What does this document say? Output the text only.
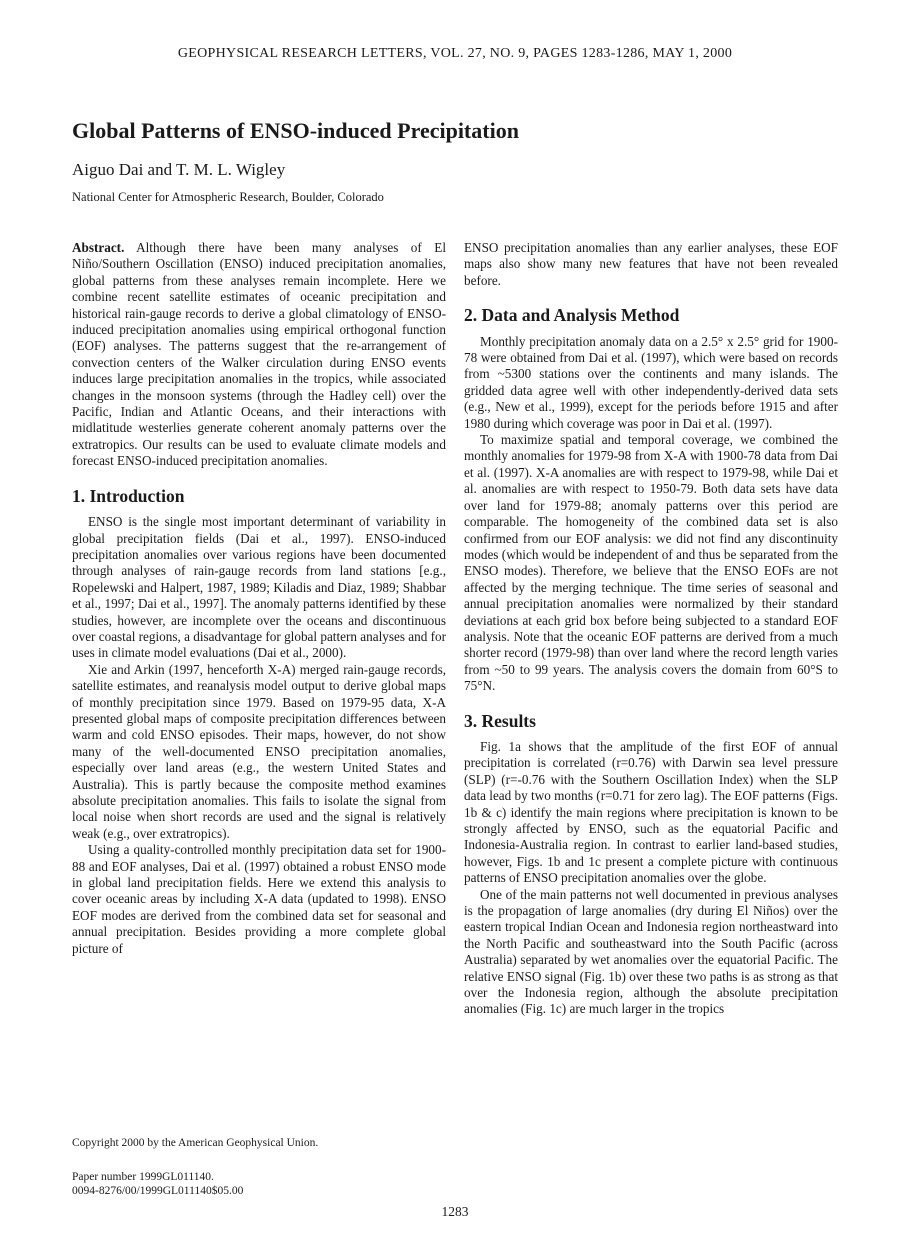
GEOPHYSICAL RESEARCH LETTERS, VOL. 27, NO. 9, PAGES 1283-1286, MAY 1, 2000
Global Patterns of ENSO-induced Precipitation
Aiguo Dai and T. M. L. Wigley
National Center for Atmospheric Research, Boulder, Colorado

Abstract. Although there have been many analyses of El Niño/Southern Oscillation (ENSO) induced precipitation anomalies, global patterns from these analyses remain incomplete. Here we combine recent satellite estimates of oceanic precipitation and historical rain-gauge records to derive a global climatology of ENSO-induced precipitation anomalies using empirical orthogonal function (EOF) analyses. The patterns suggest that the re-arrangement of convection centers of the Walker circulation during ENSO events induces large precipitation anomalies in the tropics, while associated changes in the monsoon systems (through the Hadley cell) over the Pacific, Indian and Atlantic Oceans, and their interactions with midlatitude westerlies generate coherent anomaly patterns over the extratropics. Our results can be used to evaluate climate models and forecast ENSO-induced precipitation anomalies.

1. Introduction

ENSO is the single most important determinant of variability in global precipitation fields (Dai et al., 1997). ENSO-induced precipitation anomalies over various regions have been documented through analyses of rain-gauge records from land stations [e.g., Ropelewski and Halpert, 1987, 1989; Kiladis and Diaz, 1989; Shabbar et al., 1997; Dai et al., 1997]. The anomaly patterns identified by these studies, however, are incomplete over the oceans and discontinuous over coastal regions, a disadvantage for global pattern analyses and for uses in climate model evaluations (Dai et al., 2000).

Xie and Arkin (1997, henceforth X-A) merged rain-gauge records, satellite estimates, and reanalysis model output to derive global maps of monthly precipitation since 1979. Based on 1979-95 data, X-A presented global maps of composite precipitation differences between warm and cold ENSO episodes. Their maps, however, do not show many of the well-documented ENSO precipitation anomalies, especially over land areas (e.g., the western United States and Australia). This is partly because the composite method examines absolute precipitation anomalies. This fails to isolate the signal from local noise when short records are used and the signal is relatively weak (e.g., over extratropics).

Using a quality-controlled monthly precipitation data set for 1900-88 and EOF analyses, Dai et al. (1997) obtained a robust ENSO mode in global land precipitation fields. Here we extend this analysis to cover oceanic areas by including X-A data (updated to 1998). ENSO EOF modes are derived from the combined data set for seasonal and annual precipitation. Besides providing a more complete global picture of

ENSO precipitation anomalies than any earlier analyses, these EOF maps also show many new features that have not been revealed before.

2. Data and Analysis Method

Monthly precipitation anomaly data on a 2.5° x 2.5° grid for 1900-78 were obtained from Dai et al. (1997), which were based on records from ~5300 stations over the continents and many islands. The gridded data agree well with other independently-derived data sets (e.g., New et al., 1999), except for the periods before 1915 and after 1980 during which coverage was poor in Dai et al. (1997).

To maximize spatial and temporal coverage, we combined the monthly anomalies for 1979-98 from X-A with 1900-78 data from Dai et al. (1997). X-A anomalies are with respect to 1979-98, while Dai et al. anomalies are with respect to 1950-79. Both data sets have data over land for 1979-88; anomaly patterns over this period are comparable. The homogeneity of the combined data set is also confirmed from our EOF analysis: we did not find any discontinuity modes (which would be independent of and thus be separated from the ENSO modes). Therefore, we believe that the ENSO EOFs are not affected by the merging technique. The time series of seasonal and annual precipitation anomalies were normalized by their standard deviations at each grid box before being subjected to a standard EOF analysis. Note that the oceanic EOF patterns are derived from a much shorter record (1979-98) than over land where the record length varies from ~50 to 99 years. The analysis covers the domain from 60°S to 75°N.

3. Results

Fig. 1a shows that the amplitude of the first EOF of annual precipitation is correlated (r=0.76) with Darwin sea level pressure (SLP) (r=-0.76 with the Southern Oscillation Index) when the SLP data lead by two months (r=0.71 for zero lag). The EOF patterns (Figs. 1b & c) identify the main regions where precipitation is known to be strongly affected by ENSO, such as the equatorial Pacific and Indonesia-Australia region. In contrast to earlier land-based studies, however, Figs. 1b and 1c present a complete picture with continuous patterns of ENSO precipitation anomalies over the globe.

One of the main patterns not well documented in previous analyses is the propagation of large anomalies (dry during El Niños) over the eastern tropical Indian Ocean and Indonesia region northeastward into the North Pacific and southeastward into the South Pacific (across Australia) separated by wet anomalies over the equatorial Pacific. The relative ENSO signal (Fig. 1b) over these two paths is as strong as that over the Indonesia region, although the absolute precipitation anomalies (Fig. 1c) are much larger in the tropics

Copyright 2000 by the American Geophysical Union.
Paper number 1999GL011140.
0094-8276/00/1999GL011140$05.00
1283
